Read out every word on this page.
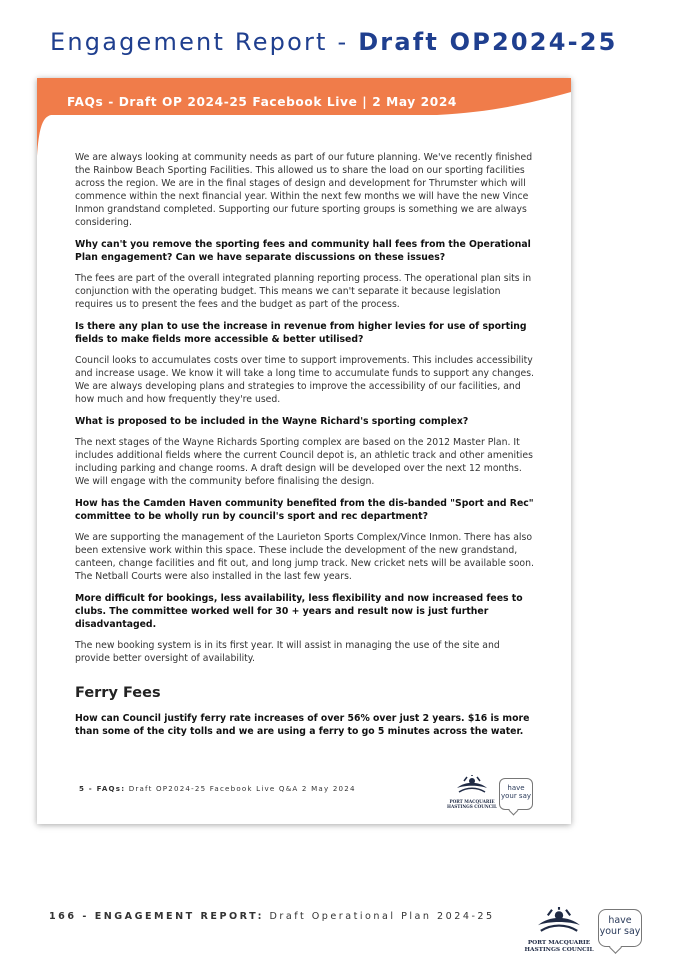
Engagement Report - Draft OP2024-25
FAQs - Draft OP 2024-25 Facebook Live | 2 May 2024

We are always looking at community needs as part of our future planning. We've recently finished the Rainbow Beach Sporting Facilities. This allowed us to share the load on our sporting facilities across the region. We are in the final stages of design and development for Thrumster which will commence within the next financial year. Within the next few months we will have the new Vince Inmon grandstand completed. Supporting our future sporting groups is something we are always considering.

Why can't you remove the sporting fees and community hall fees from the Operational Plan engagement? Can we have separate discussions on these issues?

The fees are part of the overall integrated planning reporting process. The operational plan sits in conjunction with the operating budget. This means we can't separate it because legislation requires us to present the fees and the budget as part of the process.

Is there any plan to use the increase in revenue from higher levies for use of sporting fields to make fields more accessible & better utilised?

Council looks to accumulates costs over time to support improvements. This includes accessibility and increase usage. We know it will take a long time to accumulate funds to support any changes. We are always developing plans and strategies to improve the accessibility of our facilities, and how much and how frequently they're used.

What is proposed to be included in the Wayne Richard's sporting complex?

The next stages of the Wayne Richards Sporting complex are based on the 2012 Master Plan. It includes additional fields where the current Council depot is, an athletic track and other amenities including parking and change rooms. A draft design will be developed over the next 12 months. We will engage with the community before finalising the design.

How has the Camden Haven community benefited from the dis-banded "Sport and Rec" committee to be wholly run by council's sport and rec department?

We are supporting the management of the Laurieton Sports Complex/Vince Inmon. There has also been extensive work within this space. These include the development of the new grandstand, canteen, change facilities and fit out, and long jump track. New cricket nets will be available soon. The Netball Courts were also installed in the last few years.

More difficult for bookings, less availability, less flexibility and now increased fees to clubs. The committee worked well for 30 + years and result now is just further disadvantaged.

The new booking system is in its first year. It will assist in managing the use of the site and provide better oversight of availability.

Ferry Fees

How can Council justify ferry rate increases of over 56% over just 2 years. $16 is more than some of the city tolls and we are using a ferry to go 5 minutes across the water.

5 - FAQs: Draft OP2024-25 Facebook Live Q&A 2 May 2024
PORT MACQUARIE
HASTINGS COUNCIL
have
your say
166 - ENGAGEMENT REPORT: Draft Operational Plan 2024-25
PORT MACQUARIE
HASTINGS COUNCIL
have
your say
